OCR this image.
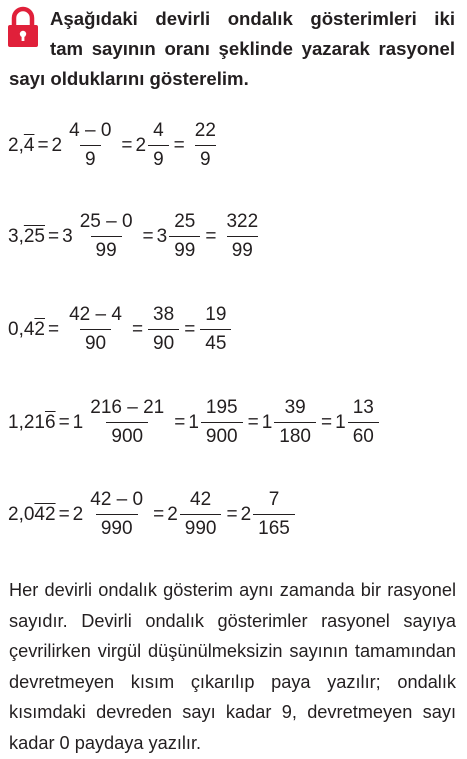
Aşağıdaki devirli ondalık gösterimleri iki
tam sayının oranı şeklinde yazarak rasyonel
sayı olduklarını gösterelim.
2, $4 = 2 \frac{4 - 0}{9} = 2 \frac{4}{9} = \frac{22}{9}$
3, $25 = 3 \frac{25 - 0}{99} = 3 \frac{25}{99} = \frac{322}{99}$
0,4 $2 = \frac{42 - 4}{90} = \frac{38}{90} = \frac{19}{45}$
1,21 $6 = 1 \frac{216 - 21}{900} = 1 \frac{195}{900} = 1 \frac{39}{180} = 1 \frac{13}{60}$
2,0 $42 = 2 \frac{42 - 0}{990} = 2 \frac{42}{990} = 2 \frac{7}{165}$
Her devirli ondalık gösterim aynı zamanda bir rasyonel sayıdır. Devirli ondalık gösterimler rasyonel sayıya çevrilirken virgül düşünülmeksizin sayının tamamından devretmeyen kısım çıkarılıp paya yazılır; ondalık kısımdaki devreden sayı kadar 9, devretmeyen sayı kadar 0 paydaya yazılır.
